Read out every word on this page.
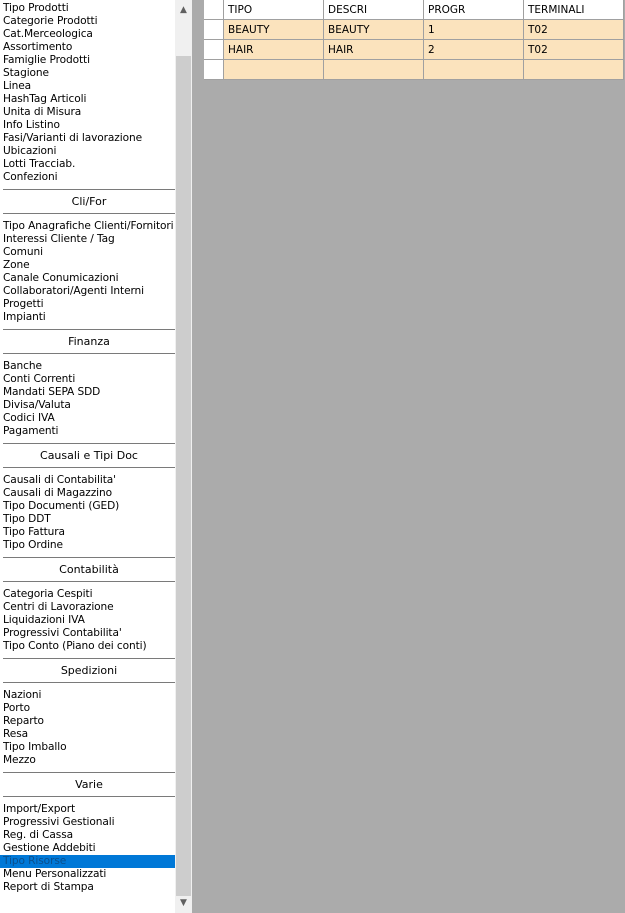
Tipo Prodotti
Categorie Prodotti
Cat.Merceologica
Assortimento
Famiglie Prodotti
Stagione
Linea
HashTag Articoli
Unita di Misura
Info Listino
Fasi/Varianti di lavorazione
Ubicazioni
Lotti Tracciab.
Confezioni
Cli/For
Tipo Anagrafiche Clienti/Fornitori
Interessi Cliente / Tag
Comuni
Zone
Canale Conumicazioni
Collaboratori/Agenti Interni
Progetti
Impianti
Finanza
Banche
Conti Correnti
Mandati SEPA SDD
Divisa/Valuta
Codici IVA
Pagamenti
Causali e Tipi Doc
Causali di Contabilita'
Causali di Magazzino
Tipo Documenti (GED)
Tipo DDT
Tipo Fattura
Tipo Ordine
Contabilità
Categoria Cespiti
Centri di Lavorazione
Liquidazioni IVA
Progressivi Contabilita'
Tipo Conto (Piano dei conti)
Spedizioni
Nazioni
Porto
Reparto
Resa
Tipo Imballo
Mezzo
Varie
Import/Export
Progressivi Gestionali
Reg. di Cassa
Gestione Addebiti
Tipo Risorse
Menu Personalizzati
Report di Stampa
▲
▼
TIPO	DESCRI	PROGR	TERMINALI
BEAUTY	BEAUTY	1	T02
HAIR	HAIR	2	T02
